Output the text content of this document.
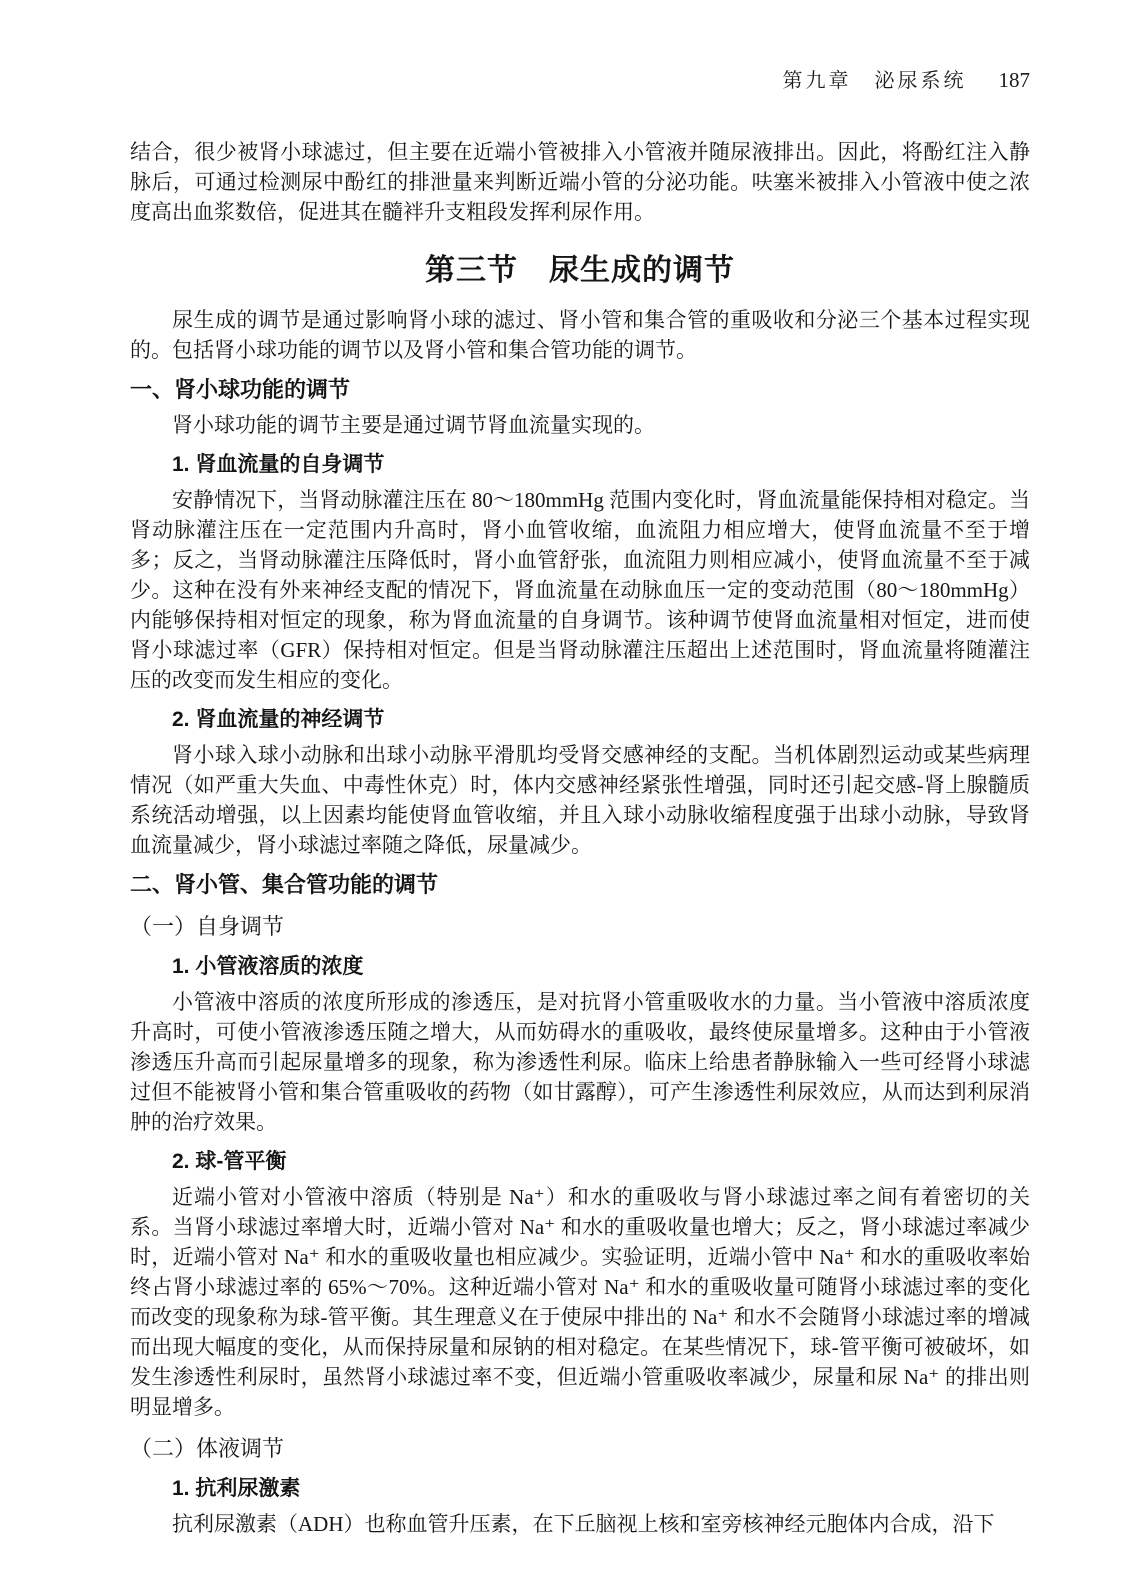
第九章　泌尿系统 187

结合，很少被肾小球滤过，但主要在近端小管被排入小管液并随尿液排出。因此，将酚红注入静脉后，可通过检测尿中酚红的排泄量来判断近端小管的分泌功能。呋塞米被排入小管液中使之浓度高出血浆数倍，促进其在髓袢升支粗段发挥利尿作用。

第三节　尿生成的调节

尿生成的调节是通过影响肾小球的滤过、肾小管和集合管的重吸收和分泌三个基本过程实现的。包括肾小球功能的调节以及肾小管和集合管功能的调节。

一、肾小球功能的调节

肾小球功能的调节主要是通过调节肾血流量实现的。

1. 肾血流量的自身调节

安静情况下，当肾动脉灌注压在 80～180mmHg 范围内变化时，肾血流量能保持相对稳定。当肾动脉灌注压在一定范围内升高时，肾小血管收缩，血流阻力相应增大，使肾血流量不至于增多；反之，当肾动脉灌注压降低时，肾小血管舒张，血流阻力则相应减小，使肾血流量不至于减少。这种在没有外来神经支配的情况下，肾血流量在动脉血压一定的变动范围（80～180mmHg）内能够保持相对恒定的现象，称为肾血流量的自身调节。该种调节使肾血流量相对恒定，进而使肾小球滤过率（GFR）保持相对恒定。但是当肾动脉灌注压超出上述范围时，肾血流量将随灌注压的改变而发生相应的变化。

2. 肾血流量的神经调节

肾小球入球小动脉和出球小动脉平滑肌均受肾交感神经的支配。当机体剧烈运动或某些病理情况（如严重大失血、中毒性休克）时，体内交感神经紧张性增强，同时还引起交感-肾上腺髓质系统活动增强，以上因素均能使肾血管收缩，并且入球小动脉收缩程度强于出球小动脉，导致肾血流量减少，肾小球滤过率随之降低，尿量减少。

二、肾小管、集合管功能的调节
（一）自身调节
1. 小管液溶质的浓度

小管液中溶质的浓度所形成的渗透压，是对抗肾小管重吸收水的力量。当小管液中溶质浓度升高时，可使小管液渗透压随之增大，从而妨碍水的重吸收，最终使尿量增多。这种由于小管液渗透压升高而引起尿量增多的现象，称为渗透性利尿。临床上给患者静脉输入一些可经肾小球滤过但不能被肾小管和集合管重吸收的药物（如甘露醇），可产生渗透性利尿效应，从而达到利尿消肿的治疗效果。

2. 球-管平衡

近端小管对小管液中溶质（特别是 Na⁺）和水的重吸收与肾小球滤过率之间有着密切的关系。当肾小球滤过率增大时，近端小管对 Na⁺ 和水的重吸收量也增大；反之，肾小球滤过率减少时，近端小管对 Na⁺ 和水的重吸收量也相应减少。实验证明，近端小管中 Na⁺ 和水的重吸收率始终占肾小球滤过率的 65%～70%。这种近端小管对 Na⁺ 和水的重吸收量可随肾小球滤过率的变化而改变的现象称为球-管平衡。其生理意义在于使尿中排出的 Na⁺ 和水不会随肾小球滤过率的增减而出现大幅度的变化，从而保持尿量和尿钠的相对稳定。在某些情况下，球-管平衡可被破坏，如发生渗透性利尿时，虽然肾小球滤过率不变，但近端小管重吸收率减少，尿量和尿 Na⁺ 的排出则明显增多。

（二）体液调节
1. 抗利尿激素

抗利尿激素（ADH）也称血管升压素，在下丘脑视上核和室旁核神经元胞体内合成，沿下
